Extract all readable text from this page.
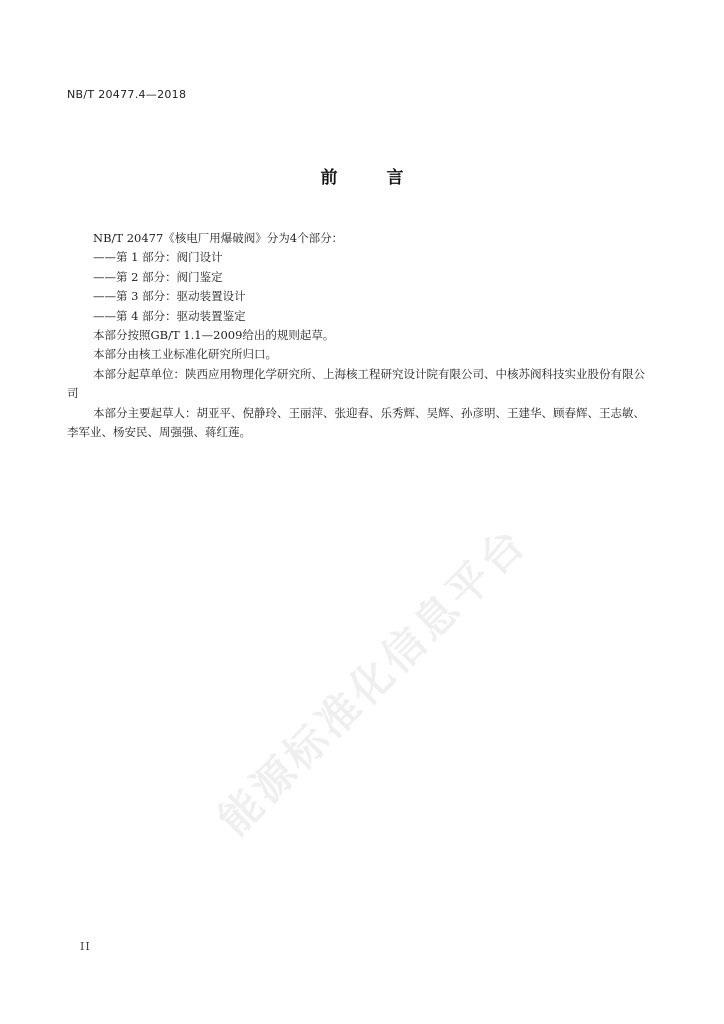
NB/T 20477.4—2018
前　言

NB/T 20477《核电厂用爆破阀》分为4个部分：

——第 1 部分：阀门设计

——第 2 部分：阀门鉴定

——第 3 部分：驱动装置设计

——第 4 部分：驱动装置鉴定

本部分按照GB/T 1.1—2009给出的规则起草。

本部分由核工业标准化研究所归口。

本部分起草单位：陕西应用物理化学研究所、上海核工程研究设计院有限公司、中核苏阀科技实业股份有限公司

本部分主要起草人：胡亚平、倪静玲、王丽萍、张迎春、乐秀辉、吴辉、孙彦明、王建华、顾春辉、王志敏、李军业、杨安民、周强强、蒋红莲。

能源标准化信息平台
II
